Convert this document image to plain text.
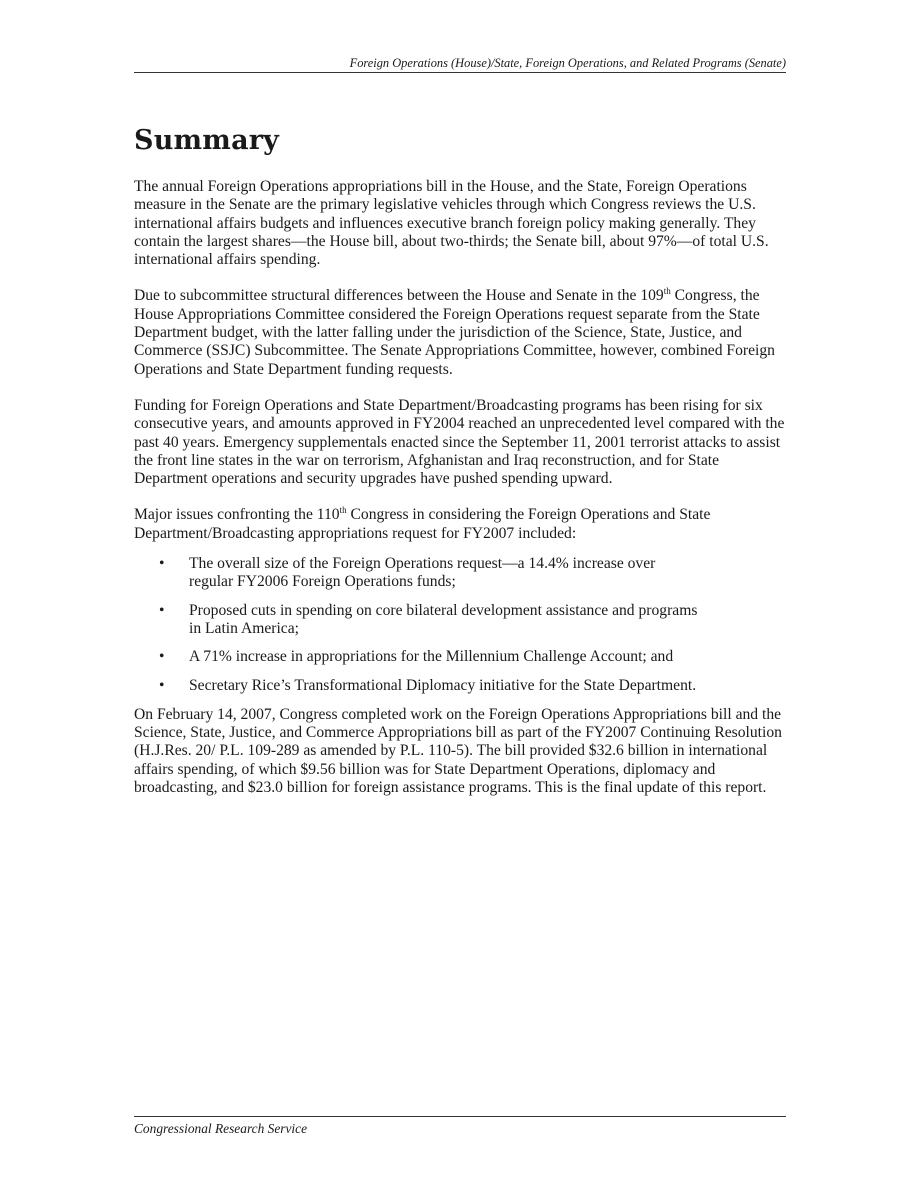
Foreign Operations (House)/State, Foreign Operations, and Related Programs (Senate)
Summary

The annual Foreign Operations appropriations bill in the House, and the State, Foreign Operations measure in the Senate are the primary legislative vehicles through which Congress reviews the U.S. international affairs budgets and influences executive branch foreign policy making generally. They contain the largest shares—the House bill, about two-thirds; the Senate bill, about 97%—of total U.S. international affairs spending.

Due to subcommittee structural differences between the House and Senate in the 109th Congress, the House Appropriations Committee considered the Foreign Operations request separate from the State Department budget, with the latter falling under the jurisdiction of the Science, State, Justice, and Commerce (SSJC) Subcommittee. The Senate Appropriations Committee, however, combined Foreign Operations and State Department funding requests.

Funding for Foreign Operations and State Department/Broadcasting programs has been rising for six consecutive years, and amounts approved in FY2004 reached an unprecedented level compared with the past 40 years. Emergency supplementals enacted since the September 11, 2001 terrorist attacks to assist the front line states in the war on terrorism, Afghanistan and Iraq reconstruction, and for State Department operations and security upgrades have pushed spending upward.

Major issues confronting the 110th Congress in considering the Foreign Operations and State Department/Broadcasting appropriations request for FY2007 included:

• The overall size of the Foreign Operations request—a 14.4% increase over
regular FY2006 Foreign Operations funds;
• Proposed cuts in spending on core bilateral development assistance and programs
in Latin America;
• A 71% increase in appropriations for the Millennium Challenge Account; and
• Secretary Rice’s Transformational Diplomacy initiative for the State Department.

On February 14, 2007, Congress completed work on the Foreign Operations Appropriations bill and the Science, State, Justice, and Commerce Appropriations bill as part of the FY2007 Continuing Resolution (H.J.Res. 20/ P.L. 109-289 as amended by P.L. 110-5). The bill provided $32.6 billion in international affairs spending, of which $9.56 billion was for State Department Operations, diplomacy and broadcasting, and $23.0 billion for foreign assistance programs. This is the final update of this report.

Congressional Research Service
